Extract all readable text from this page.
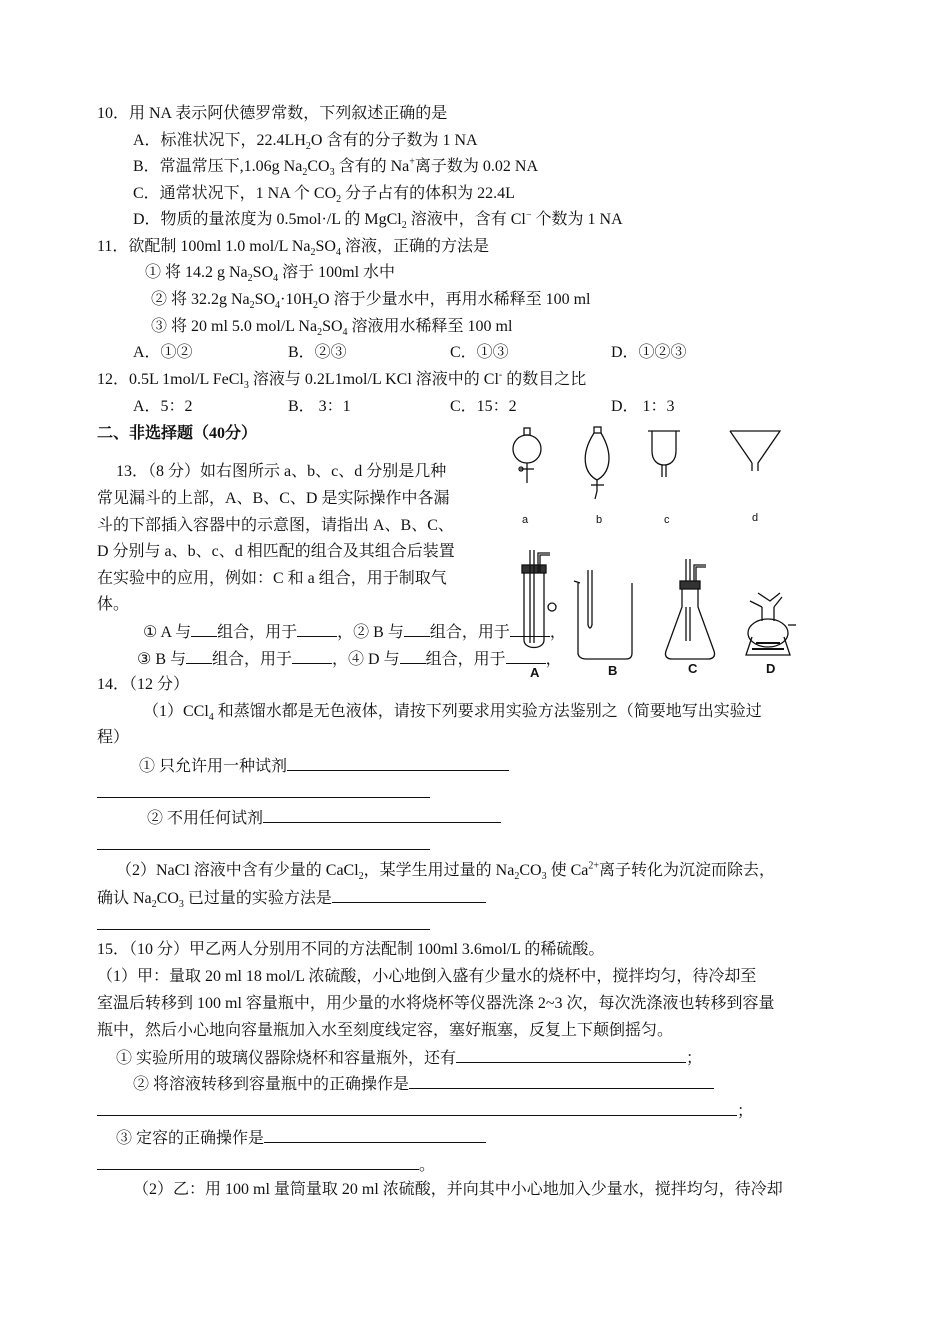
10．用 NA 表示阿伏德罗常数，下列叙述正确的是
A．标准状况下，$22.4LH_2O$ 含有的分子数为 1 NA
B．常温常压下,1.06g $Na_2CO_3$ 含有的 Na+离子数为 0.02 NA
C．通常状况下，1 NA 个 $CO_2$ 分子占有的体积为 22.4L
D．物质的量浓度为 0.5mol·/L 的 MgCl$_2$ 溶液中，含有 Cl− 个数为 1 NA
11．欲配制 100ml 1.0 mol/L $Na_2SO_4$ 溶液，正确的方法是
① 将 14.2 g $Na_2SO_4$ 溶于 100ml 水中
② 将 32.2g $Na_2SO_4\cdot 10H_2O$ 溶于少量水中，再用水稀释至 100 ml
③ 将 20 ml 5.0 mol/L $Na_2SO_4$ 溶液用水稀释至 100 ml
A．①②	B．②③	C．①③	D．①②③
12．0.5L 1mol/L FeCl$_3$ 溶液与 0.2L1mol/L KCl 溶液中的 Cl- 的数目之比
A．5：2	B． 3：1	C．15：2	D． 1：3
二、非选择题（40分）
13．（8 分）如右图所示 a、b、c、d 分别是几种
常见漏斗的上部，A、B、C、D 是实际操作中各漏
斗的下部插入容器中的示意图，请指出 A、B、C、
D 分别与 a、b、c、d 相匹配的组合及其组合后装置
在实验中的应用，例如：C 和 a 组合，用于制取气
体。
① A 与 组合，用于	，② B 与 组合，用于	，
③ B 与 组合，用于	，④ D 与 组合，用于	，
a	b	c	d
A	B	C	D
14．（12 分）
（1）CCl$_4$ 和蒸馏水都是无色液体，请按下列要求用实验方法鉴别之（简要地写出实验过
程）
① 只允许用一种试剂
② 不用任何试剂
（2）NaCl 溶液中含有少量的 CaCl$_2$，某学生用过量的 $Na_2CO_3$ 使 $Ca^{2+}$离子转化为沉淀而除去，
确认 $Na_2CO_3$ 已过量的实验方法是
15．（10 分）甲乙两人分别用不同的方法配制 100ml 3.6mol/L 的稀硫酸。
（1）甲：量取 20 ml 18 mol/L 浓硫酸，小心地倒入盛有少量水的烧杯中，搅拌均匀，待冷却至
室温后转移到 100 ml 容量瓶中，用少量的水将烧杯等仪器洗涤 2~3 次，每次洗涤液也转移到容量
瓶中，然后小心地向容量瓶加入水至刻度线定容，塞好瓶塞，反复上下颠倒摇匀。
① 实验所用的玻璃仪器除烧杯和容量瓶外，还有	；
② 将溶液转移到容量瓶中的正确操作是
；
③ 定容的正确操作是
。
（2）乙：用 100 ml 量筒量取 20 ml 浓硫酸，并向其中小心地加入少量水，搅拌均匀，待冷却
